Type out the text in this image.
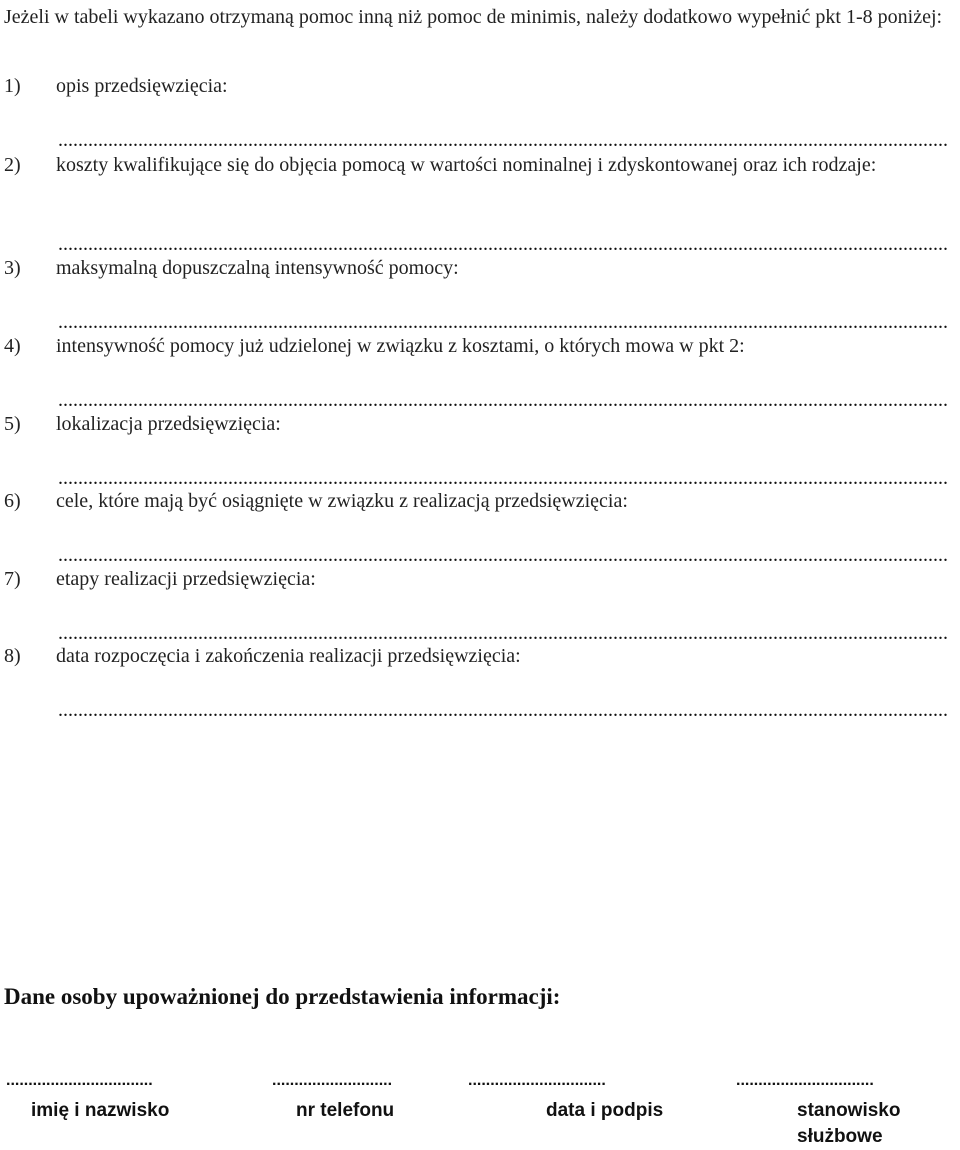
Jeżeli w tabeli wykazano otrzymaną pomoc inną niż pomoc de minimis, należy dodatkowo wypełnić pkt 1-8 poniżej:
1) opis przedsięwzięcia:
..................................................................................................................................................................................
2) koszty kwalifikujące się do objęcia pomocą w wartości nominalnej i zdyskontowanej oraz ich rodzaje:
..................................................................................................................................................................................
3) maksymalną dopuszczalną intensywność pomocy:
..................................................................................................................................................................................
4) intensywność pomocy już udzielonej w związku z kosztami, o których mowa w pkt 2:
..................................................................................................................................................................................
5) lokalizacja przedsięwzięcia:
..................................................................................................................................................................................
6) cele, które mają być osiągnięte w związku z realizacją przedsięwzięcia:
..................................................................................................................................................................................
7) etapy realizacji przedsięwzięcia:
..................................................................................................................................................................................
8) data rozpoczęcia i zakończenia realizacji przedsięwzięcia:
..................................................................................................................................................................................
Dane osoby upoważnionej do przedstawienia informacji:
.................................	...........................	...............................	...............................
imię i nazwisko	nr telefonu	data i podpis	stanowisko służbowe
